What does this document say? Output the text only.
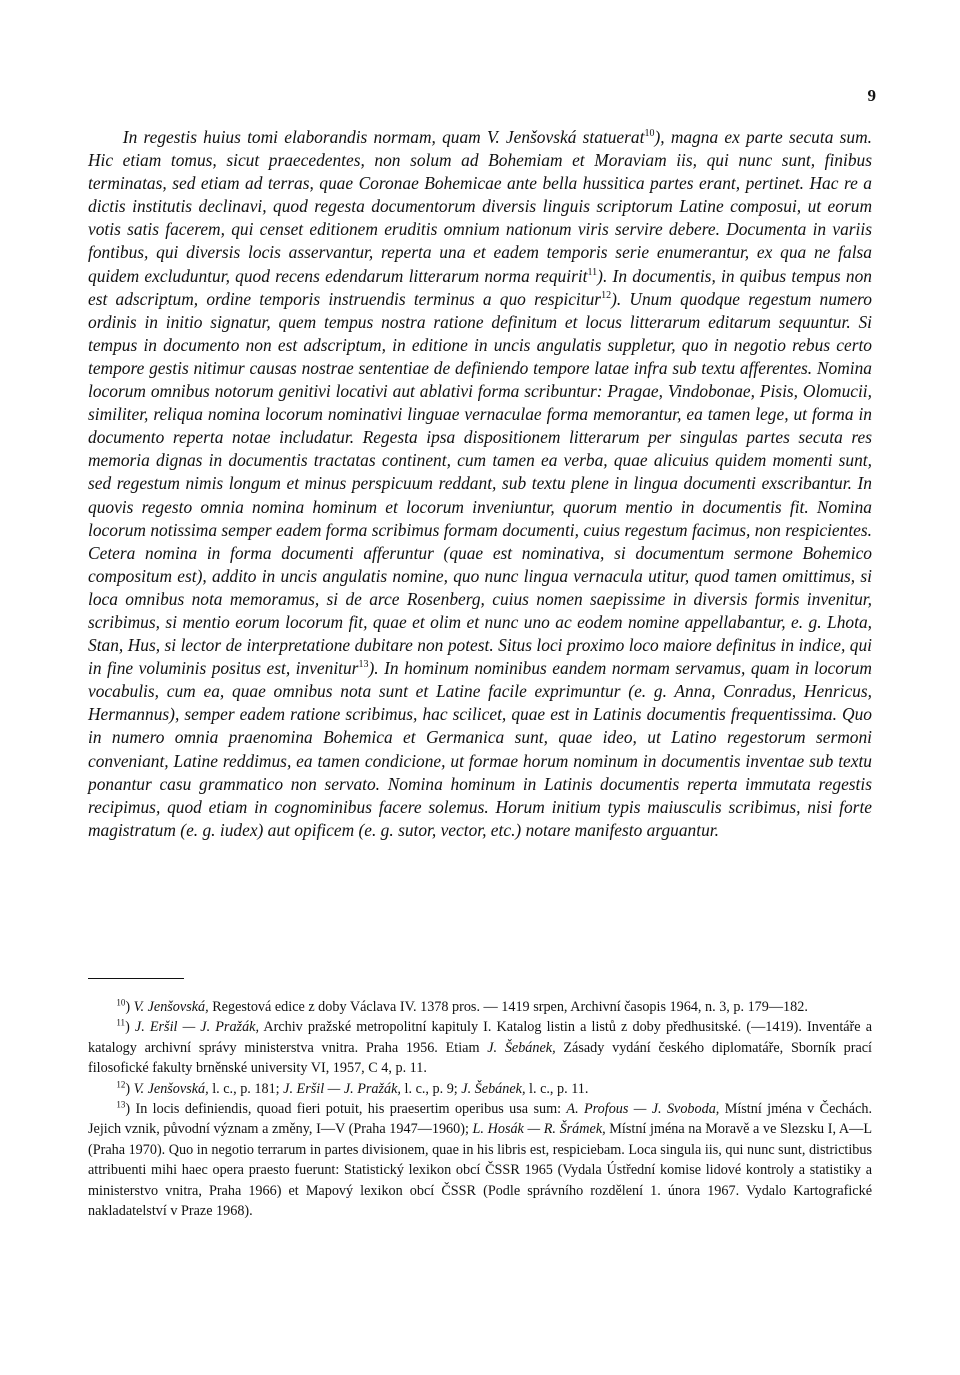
9

In regestis huius tomi elaborandis normam, quam V. Jenšovská statuerat$^{10}$), magna ex parte secuta sum. Hic etiam tomus, sicut praecedentes, non solum ad Bohemiam et Moraviam iis, qui nunc sunt, finibus terminatas, sed etiam ad terras, quae Coronae Bohemicae ante bella hussitica partes erant, pertinet. Hac re a dictis institutis declinavi, quod regesta documentorum diversis linguis scriptorum Latine composui, ut eorum votis satis facerem, qui censet editionem eruditis omnium nationum viris servire debere. Documenta in variis fontibus, qui diversis locis asservantur, reperta una et eadem temporis serie enumerantur, ex qua ne falsa quidem excluduntur, quod recens edendarum litterarum norma requirit$^{11}$). In documentis, in quibus tempus non est adscriptum, ordine temporis instruendis terminus a quo respicitur$^{12}$). Unum quodque regestum numero ordinis in initio signatur, quem tempus nostra ratione definitum et locus litterarum editarum sequuntur. Si tempus in documento non est adscriptum, in editione in uncis angulatis suppletur, quo in negotio rebus certo tempore gestis nitimur causas nostrae sententiae de definiendo tempore latae infra sub textu afferentes. Nomina locorum omnibus notorum genitivi locativi aut ablativi forma scribuntur: Pragae, Vindobonae, Pisis, Olomucii, similiter, reliqua nomina locorum nominativi linguae vernaculae forma memorantur, ea tamen lege, ut forma in documento reperta notae includatur. Regesta ipsa dispositionem litterarum per singulas partes secuta res memoria dignas in documentis tractatas continent, cum tamen ea verba, quae alicuius quidem momenti sunt, sed regestum nimis longum et minus perspicuum reddant, sub textu plene in lingua documenti exscribantur. In quovis regesto omnia nomina hominum et locorum inveniuntur, quorum mentio in documentis fit. Nomina locorum notissima semper eadem forma scribimus formam documenti, cuius regestum facimus, non respicientes. Cetera nomina in forma documenti afferuntur (quae est nominativa, si documentum sermone Bohemico compositum est), addito in uncis angulatis nomine, quo nunc lingua vernacula utitur, quod tamen omittimus, si loca omnibus nota memoramus, si de arce Rosenberg, cuius nomen saepissime in diversis formis invenitur, scribimus, si mentio eorum locorum fit, quae et olim et nunc uno ac eodem nomine appellabantur, e. g. Lhota, Stan, Hus, si lector de interpretatione dubitare non potest. Situs loci proximo loco maiore definitus in indice, qui in fine voluminis positus est, invenitur$^{13}$). In hominum nominibus eandem normam servamus, quam in locorum vocabulis, cum ea, quae omnibus nota sunt et Latine facile exprimuntur (e. g. Anna, Conradus, Henricus, Hermannus), semper eadem ratione scribimus, hac scilicet, quae est in Latinis documentis frequentissima. Quo in numero omnia praenomina Bohemica et Germanica sunt, quae ideo, ut Latino regestorum sermoni conveniant, Latine reddimus, ea tamen condicione, ut formae horum nominum in documentis inventae sub textu ponantur casu grammatico non servato. Nomina hominum in Latinis documentis reperta immutata regestis recipimus, quod etiam in cognominibus facere solemus. Horum initium typis maiusculis scribimus, nisi forte magistratum (e. g. iudex) aut opificem (e. g. sutor, vector, etc.) notare manifesto arguantur.

$^{10}$) V. Jenšovská, Regestová edice z doby Václava IV. 1378 pros. — 1419 srpen, Archivní časopis 1964, n. 3, p. 179—182.

$^{11}$) J. Eršil — J. Pražák, Archiv pražské metropolitní kapituly I. Katalog listin a listů z doby předhusitské. (—1419). Inventáře a katalogy archivní správy ministerstva vnitra. Praha 1956. Etiam J. Šebánek, Zásady vydání českého diplomatáře, Sborník prací filosofické fakulty brněnské university VI, 1957, C 4, p. 11.

$^{12}$) V. Jenšovská, l. c., p. 181; J. Eršil — J. Pražák, l. c., p. 9; J. Šebánek, l. c., p. 11.

$^{13}$) In locis definiendis, quoad fieri potuit, his praesertim operibus usa sum: A. Profous — J. Svoboda, Místní jména v Čechách. Jejich vznik, původní význam a změny, I—V (Praha 1947—1960); L. Hosák — R. Šrámek, Místní jména na Moravě a ve Slezsku I, A—L (Praha 1970). Quo in negotio terrarum in partes divisionem, quae in his libris est, respiciebam. Loca singula iis, qui nunc sunt, districtibus attribuenti mihi haec opera praesto fuerunt: Statistický lexikon obcí ČSSR 1965 (Vydala Ústřední komise lidové kontroly a statistiky a ministerstvo vnitra, Praha 1966) et Mapový lexikon obcí ČSSR (Podle správního rozdělení 1. února 1967. Vydalo Kartografické nakladatelství v Praze 1968).
